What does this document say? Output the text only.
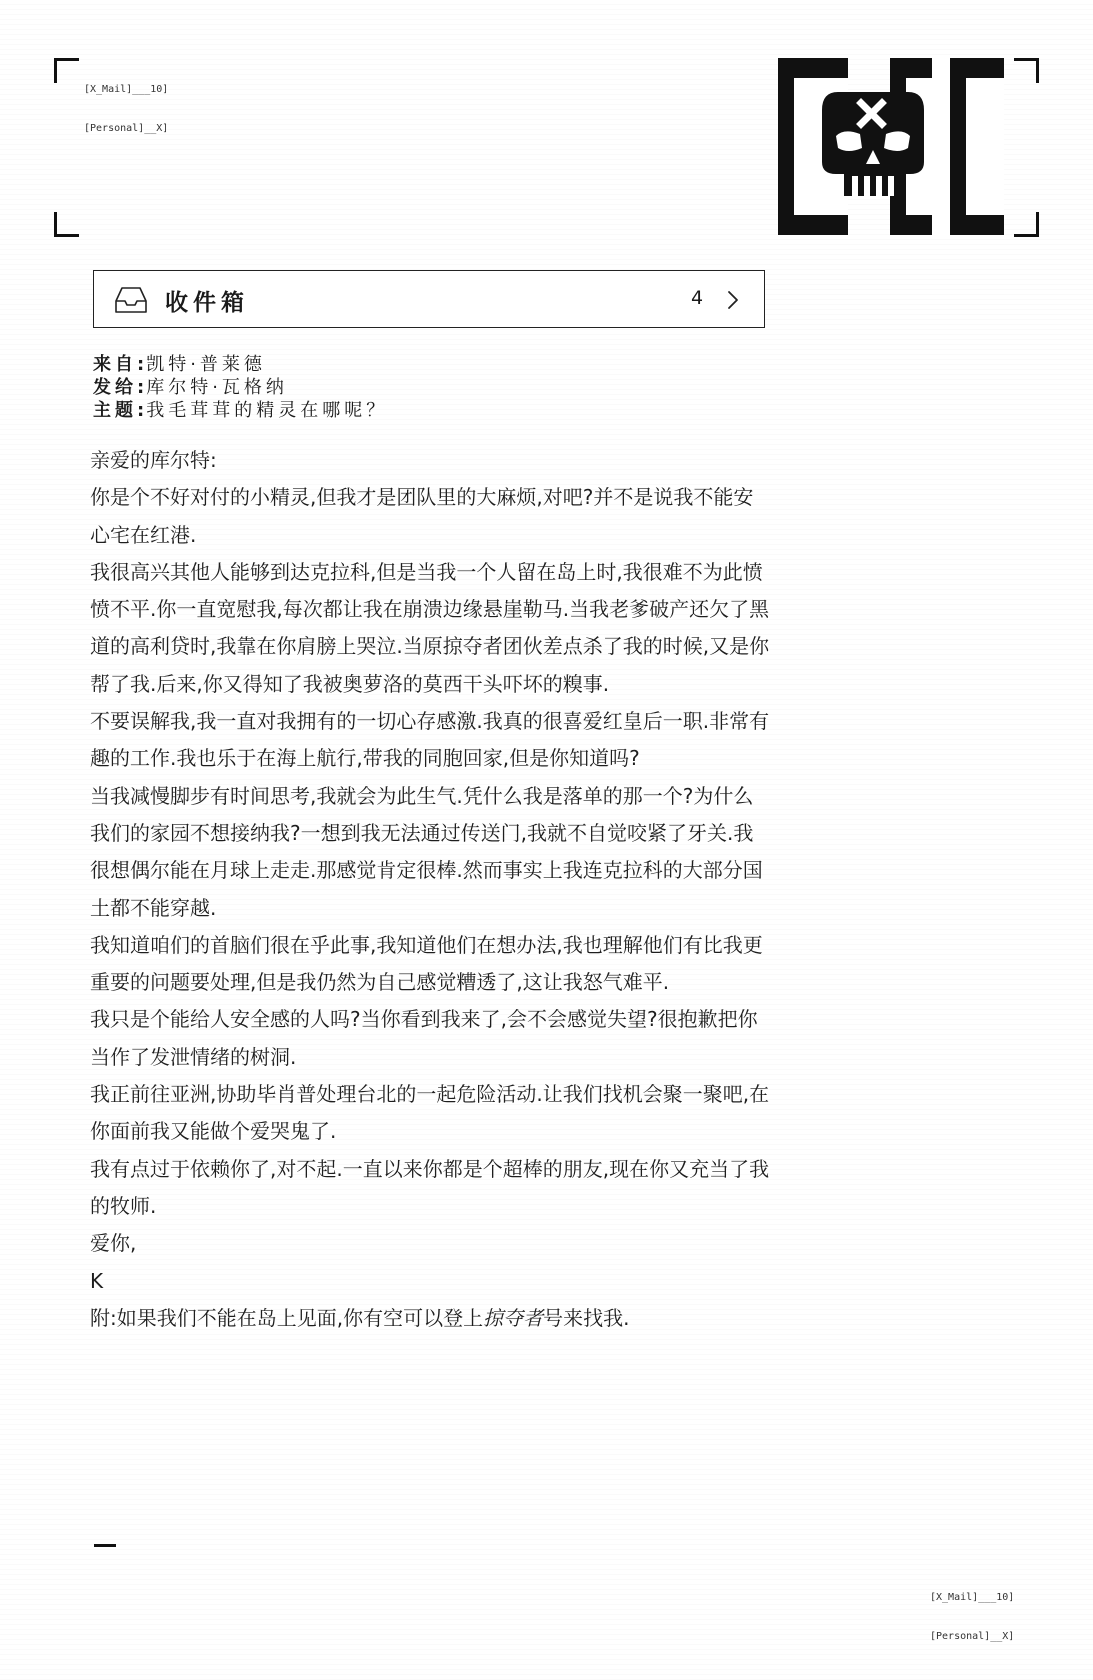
[X_Mail]___10]

[Personal]__X]

收件箱	4
来自: 凯特·普莱德
发给: 库尔特·瓦格纳
主题: 我毛茸茸的精灵在哪呢？

亲爱的库尔特:

你是个不好对付的小精灵,但我才是团队里的大麻烦,对吧?并不是说我不能安心宅在红港.

我很高兴其他人能够到达克拉科,但是当我一个人留在岛上时,我很难不为此愤愤不平.你一直宽慰我,每次都让我在崩溃边缘悬崖勒马.当我老爹破产还欠了黑道的高利贷时,我靠在你肩膀上哭泣.当原掠夺者团伙差点杀了我的时候,又是你帮了我.后来,你又得知了我被奥萝洛的莫西干头吓坏的糗事.

不要误解我,我一直对我拥有的一切心存感激.我真的很喜爱红皇后一职.非常有趣的工作.我也乐于在海上航行,带我的同胞回家,但是你知道吗?

当我减慢脚步有时间思考,我就会为此生气.凭什么我是落单的那一个?为什么我们的家园不想接纳我?一想到我无法通过传送门,我就不自觉咬紧了牙关.我很想偶尔能在月球上走走.那感觉肯定很棒.然而事实上我连克拉科的大部分国土都不能穿越.

我知道咱们的首脑们很在乎此事,我知道他们在想办法,我也理解他们有比我更重要的问题要处理,但是我仍然为自己感觉糟透了,这让我怒气难平.

我只是个能给人安全感的人吗?当你看到我来了,会不会感觉失望?很抱歉把你当作了发泄情绪的树洞.

我正前往亚洲,协助毕肖普处理台北的一起危险活动.让我们找机会聚一聚吧,在你面前我又能做个爱哭鬼了.

我有点过于依赖你了,对不起.一直以来你都是个超棒的朋友,现在你又充当了我的牧师.

爱你,

K

附:如果我们不能在岛上见面,你有空可以登上掠夺者号来找我.

[X_Mail]___10]

[Personal]__X]
